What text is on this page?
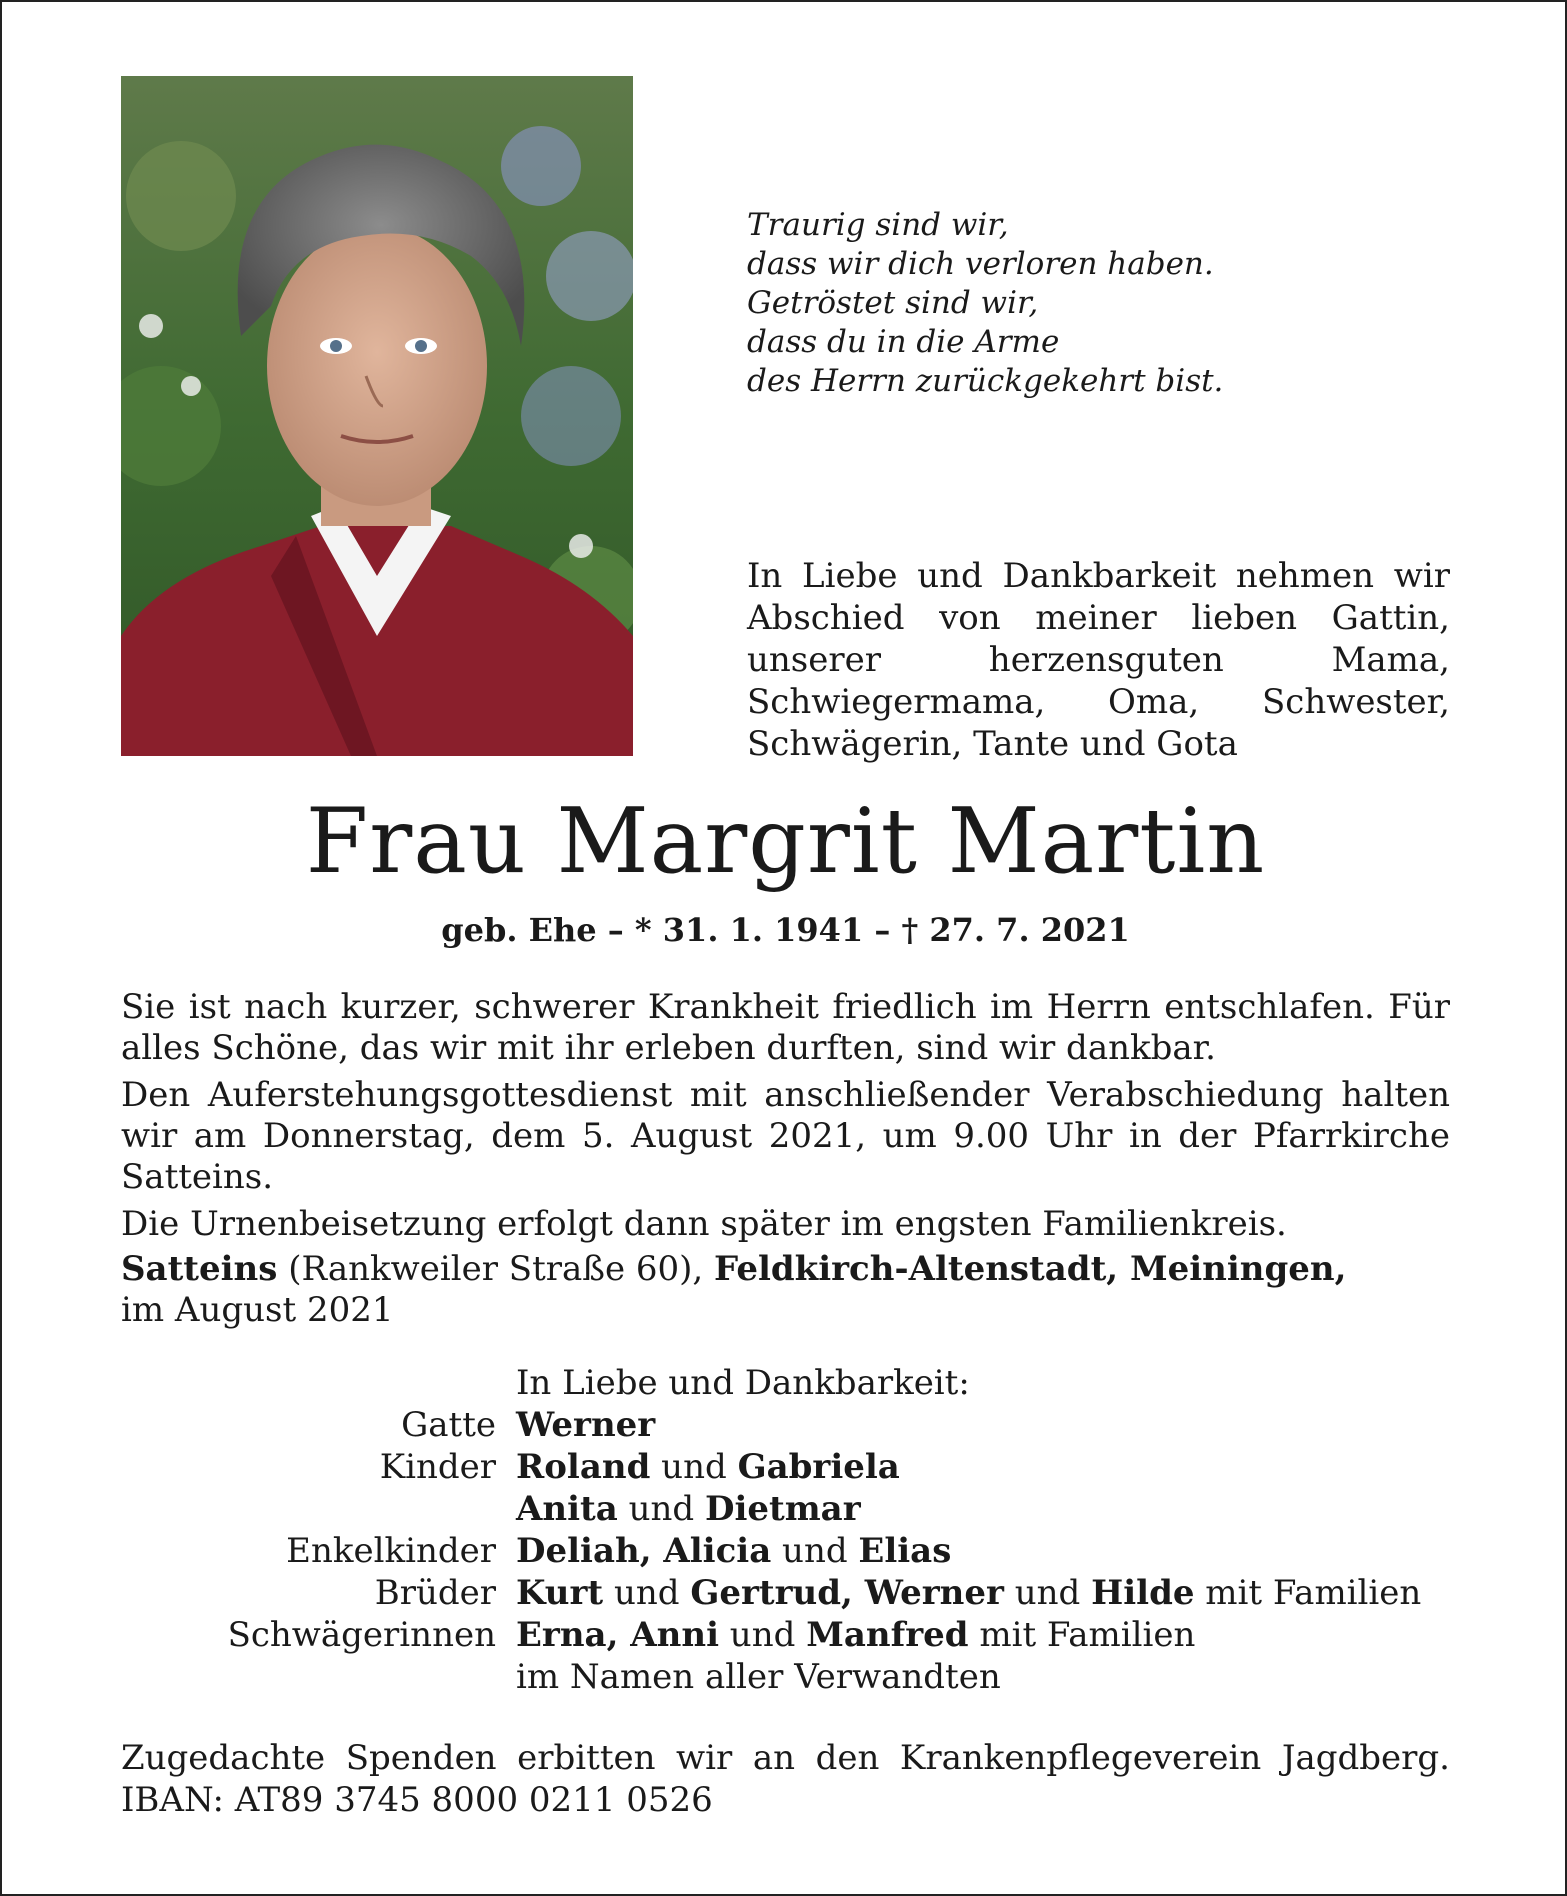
Traurig sind wir,
dass wir dich verloren haben.
Getröstet sind wir,
dass du in die Arme
des Herrn zurückgekehrt bist.

In Liebe und Dankbarkeit nehmen wir Abschied von meiner lieben Gattin, unserer herzensguten Mama, Schwiegermama, Oma, Schwester, Schwägerin, Tante und Gota

Frau Margrit Martin
geb. Ehe – * 31. 1. 1941 – † 27. 7. 2021

Sie ist nach kurzer, schwerer Krankheit friedlich im Herrn entschlafen. Für alles Schöne, das wir mit ihr erleben durften, sind wir dankbar.

Den Auferstehungsgottesdienst mit anschließender Verabschiedung halten wir am Donnerstag, dem 5. August 2021, um 9.00 Uhr in der Pfarrkirche Satteins.

Die Urnenbeisetzung erfolgt dann später im engsten Familienkreis.

Satteins (Rankweiler Straße 60), Feldkirch-Altenstadt, Meiningen,
im August 2021
In Liebe und Dankbarkeit:
Gatte Werner
Kinder Roland und Gabriela
Anita und Dietmar
Enkelkinder Deliah, Alicia und Elias
Brüder Kurt und Gertrud, Werner und Hilde mit Familien
Schwägerinnen Erna, Anni und Manfred mit Familien
im Namen aller Verwandten

Zugedachte Spenden erbitten wir an den Krankenpflegeverein Jagdberg.

IBAN: AT89 3745 8000 0211 0526
